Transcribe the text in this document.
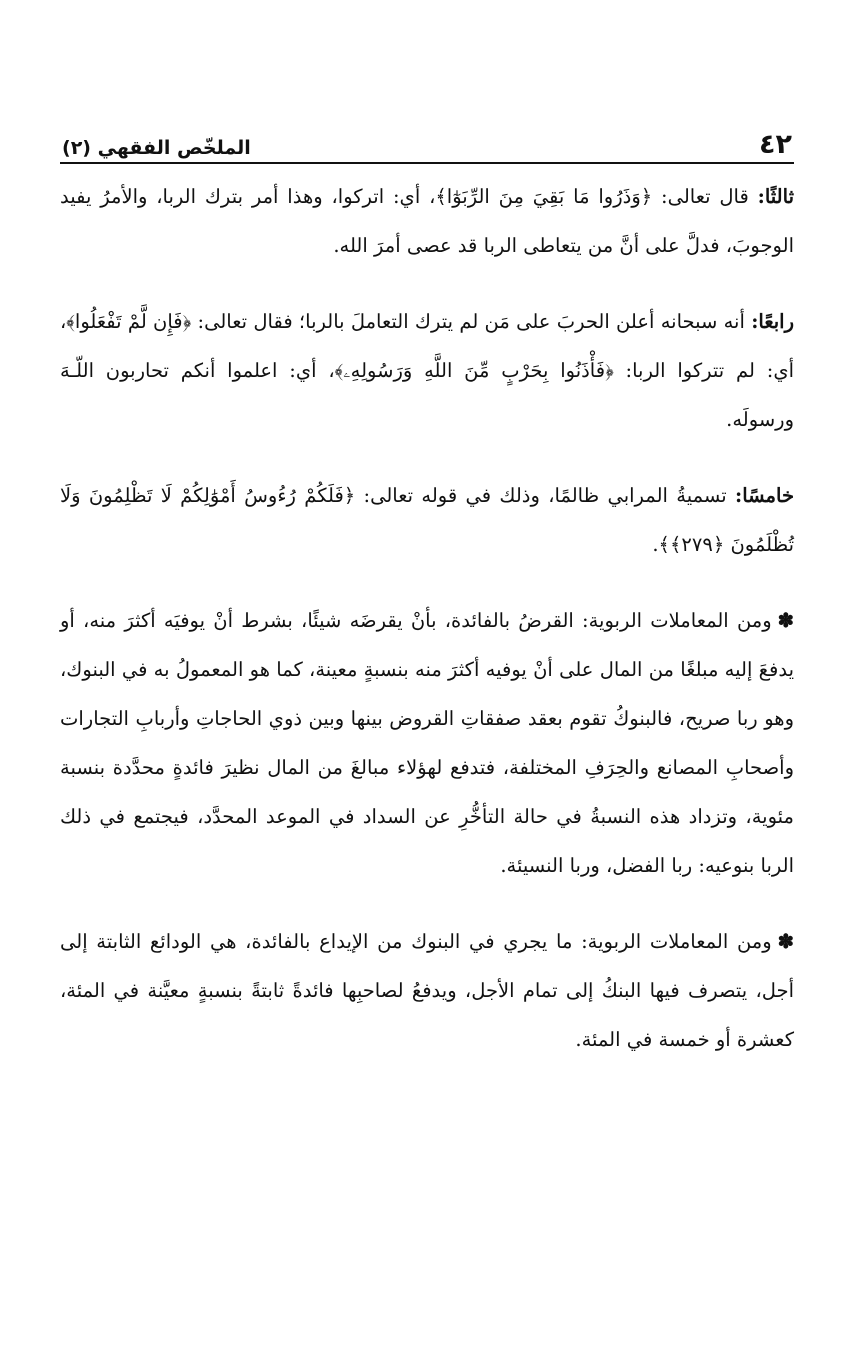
٤٢
الملخّص الفقهي (٢)

ثالثًا: قال تعالى: ﴿وَذَرُوا مَا بَقِيَ مِنَ الرِّبَوٰٓا﴾، أي: اتركوا، وهذا أمر بترك الربا، والأمرُ يفيد الوجوبَ، فدلَّ على أنَّ من يتعاطى الربا قد عصى أمرَ الله.

رابعًا: أنه سبحانه أعلن الحربَ على مَن لم يترك التعاملَ بالربا؛ فقال تعالى: ﴿فَإِن لَّمْ تَفْعَلُوا﴾، أي: لم تتركوا الربا: ﴿فَأْذَنُوا بِحَرْبٍ مِّنَ اللَّهِ وَرَسُولِهِۦ﴾، أي: اعلموا أنكم تحاربون اللّـهَ ورسولَه.

خامسًا: تسميةُ المرابي ظالمًا، وذلك في قوله تعالى: ﴿فَلَكُمْ رُءُوسُ أَمْوَٰلِكُمْ لَا تَظْلِمُونَ وَلَا تُظْلَمُونَ ﴿٢٧٩﴾﴾.

✽ومن المعاملات الربوية: القرضُ بالفائدة، بأنْ يقرضَه شيئًا، بشرط أنْ يوفيَه أكثرَ منه، أو يدفعَ إليه مبلغًا من المال على أنْ يوفيه أكثرَ منه بنسبةٍ معينة، كما هو المعمولُ به في البنوك، وهو ربا صريح، فالبنوكُ تقوم بعقد صفقاتِ القروض بينها وبين ذوي الحاجاتِ وأربابِ التجارات وأصحابِ المصانع والحِرَفِ المختلفة، فتدفع لهؤلاء مبالغَ من المال نظيرَ فائدةٍ محدَّدة بنسبة مئوية، وتزداد هذه النسبةُ في حالة التأخُّرِ عن السداد في الموعد المحدَّد، فيجتمع في ذلك الربا بنوعيه: ربا الفضل، وربا النسيئة.

✽ومن المعاملات الربوية: ما يجري في البنوك من الإيداع بالفائدة، هي الودائع الثابتة إلى أجل، يتصرف فيها البنكُ إلى تمام الأجل، ويدفعُ لصاحبِها فائدةً ثابتةً بنسبةٍ معيَّنة في المئة، كعشرة أو خمسة في المئة.
